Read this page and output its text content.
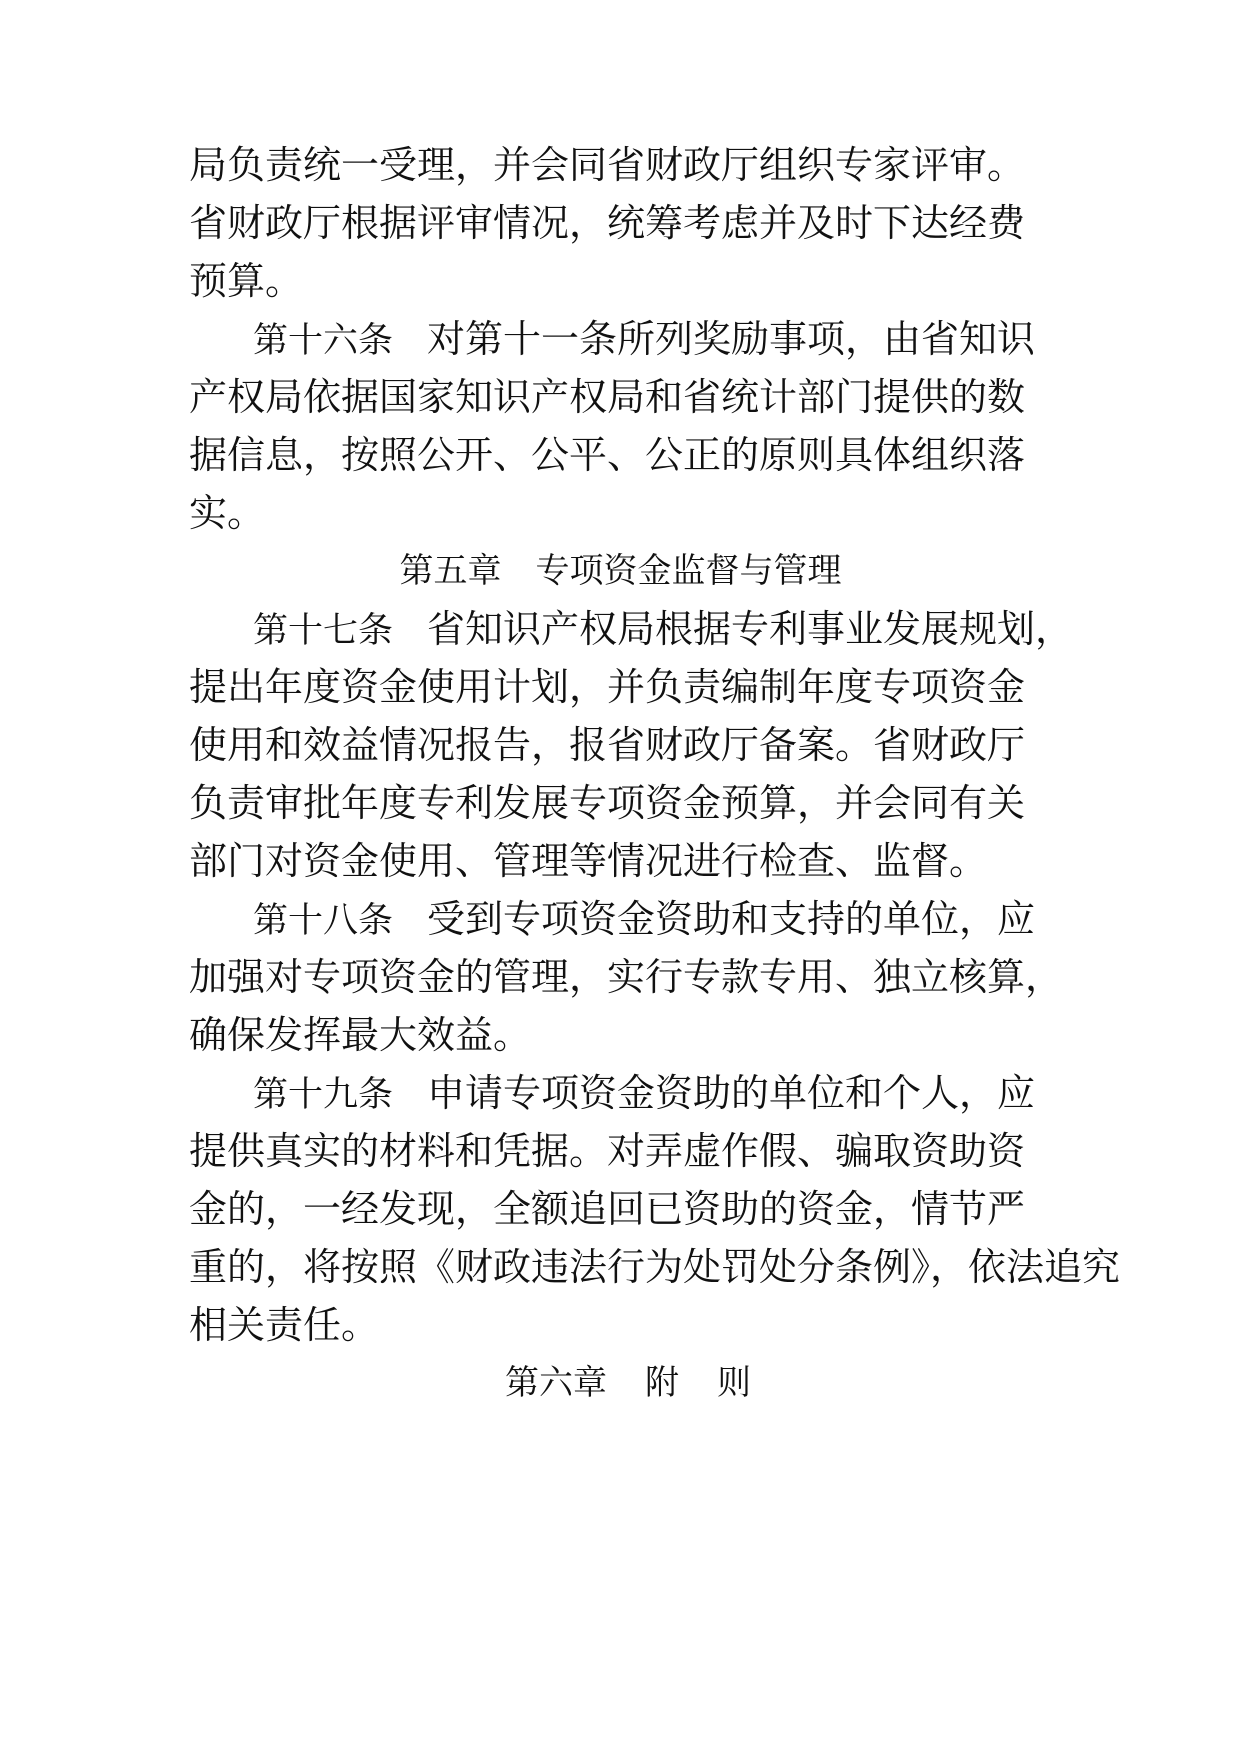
局负责统一受理，并会同省财政厅组织专家评审。
省财政厅根据评审情况，统筹考虑并及时下达经费
预算。
第十六条 对第十一条所列奖励事项，由省知识
产权局依据国家知识产权局和省统计部门提供的数
据信息，按照公开、公平、公正的原则具体组织落
实。
第五章　专项资金监督与管理
第十七条 省知识产权局根据专利事业发展规划，
提出年度资金使用计划，并负责编制年度专项资金
使用和效益情况报告，报省财政厅备案。省财政厅
负责审批年度专利发展专项资金预算，并会同有关
部门对资金使用、管理等情况进行检查、监督。
第十八条 受到专项资金资助和支持的单位，应
加强对专项资金的管理，实行专款专用、独立核算，
确保发挥最大效益。
第十九条 申请专项资金资助的单位和个人，应
提供真实的材料和凭据。对弄虚作假、骗取资助资
金的，一经发现，全额追回已资助的资金，情节严
重的，将按照《财政违法行为处罚处分条例》，依法追究
相关责任。
第六章 附 则
